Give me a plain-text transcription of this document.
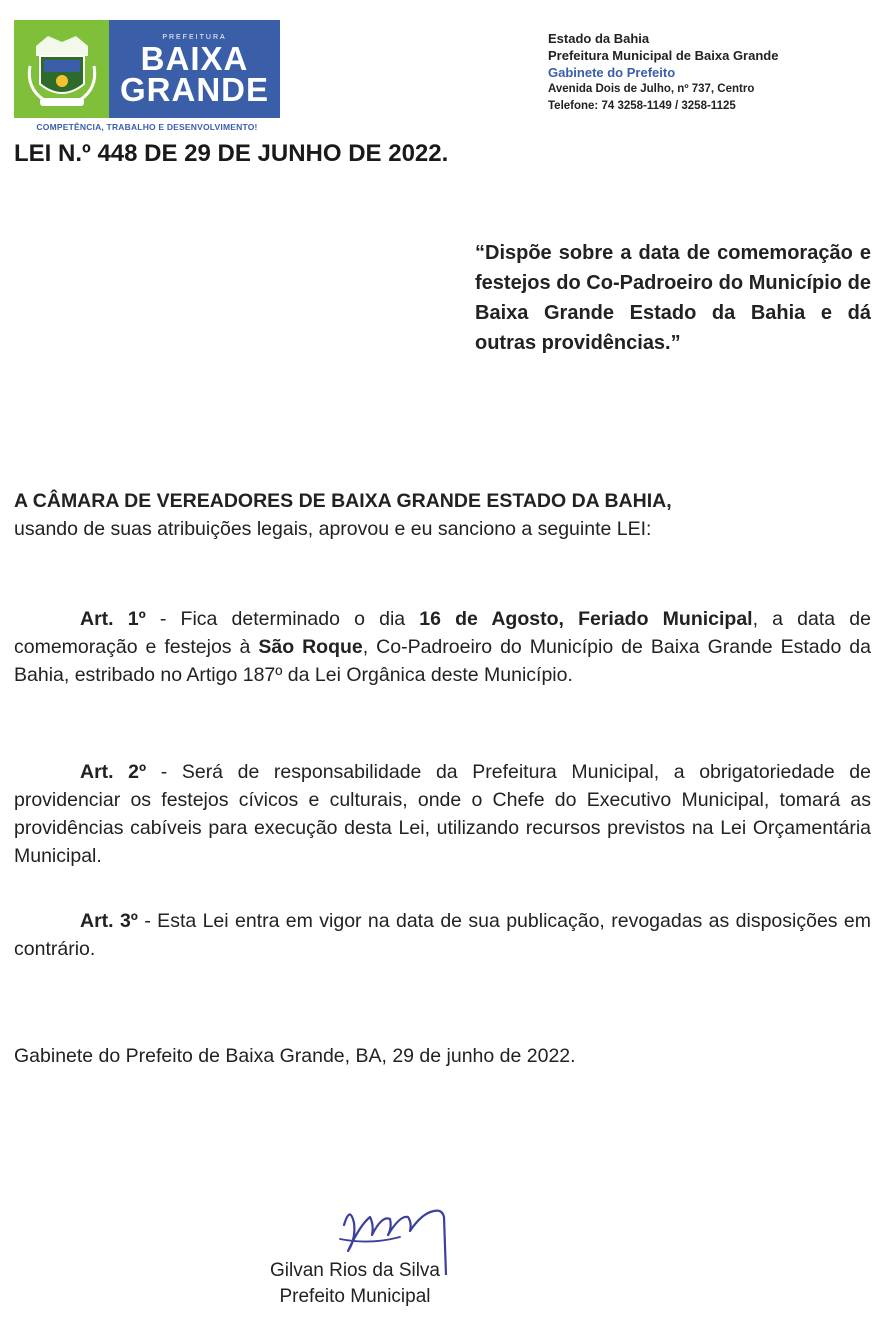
PREFEITURA
BAIXA
GRANDE
COMPETÊNCIA, TRABALHO E DESENVOLVIMENTO!
Estado da Bahia
Prefeitura Municipal de Baixa Grande
Gabinete do Prefeito
Avenida Dois de Julho, nº 737, Centro
Telefone: 74 3258-1149 / 3258-1125
LEI N.º 448 DE 29 DE JUNHO DE 2022.
“Dispõe sobre a data de comemoração e festejos do Co-Padroeiro do Município de Baixa Grande Estado da Bahia e dá outras providências.”
A CÂMARA DE VEREADORES DE BAIXA GRANDE ESTADO DA BAHIA,
usando de suas atribuições legais, aprovou e eu sanciono a seguinte LEI:
Art. 1º - Fica determinado o dia 16 de Agosto, Feriado Municipal, a data de comemoração e festejos à São Roque, Co-Padroeiro do Município de Baixa Grande Estado da Bahia, estribado no Artigo 187º da Lei Orgânica deste Município.
Art. 2º - Será de responsabilidade da Prefeitura Municipal, a obrigatoriedade de providenciar os festejos cívicos e culturais, onde o Chefe do Executivo Municipal, tomará as providências cabíveis para execução desta Lei, utilizando recursos previstos na Lei Orçamentária Municipal.
Art. 3º - Esta Lei entra em vigor na data de sua publicação, revogadas as disposições em contrário.
Gabinete do Prefeito de Baixa Grande, BA, 29 de junho de 2022.
Gilvan Rios da Silva
Prefeito Municipal
